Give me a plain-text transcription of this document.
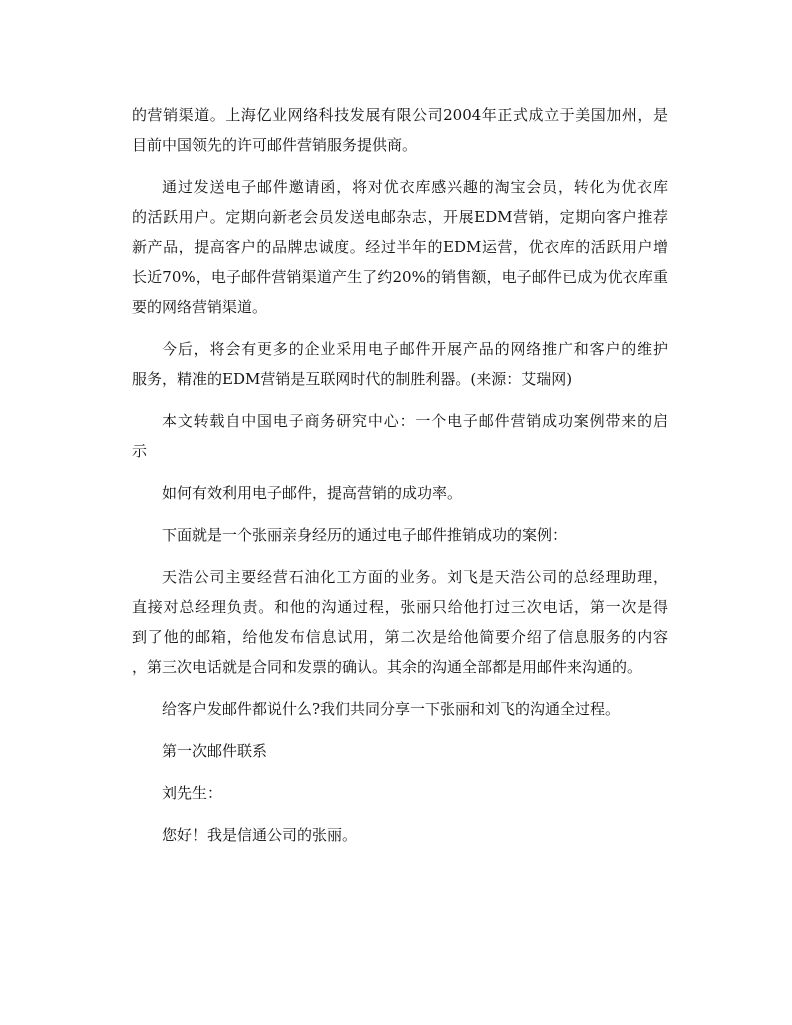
的营销渠道。上海亿业网络科技发展有限公司2004年正式成立于美国加州，是
目前中国领先的许可邮件营销服务提供商。
通过发送电子邮件邀请函，将对优衣库感兴趣的淘宝会员，转化为优衣库
的活跃用户。定期向新老会员发送电邮杂志，开展EDM营销，定期向客户推荐
新产品，提高客户的品牌忠诚度。经过半年的EDM运营，优衣库的活跃用户增
长近70%，电子邮件营销渠道产生了约20%的销售额，电子邮件已成为优衣库重
要的网络营销渠道。
今后，将会有更多的企业采用电子邮件开展产品的网络推广和客户的维护
服务，精准的EDM营销是互联网时代的制胜利器。(来源：艾瑞网)
本文转载自中国电子商务研究中心：一个电子邮件营销成功案例带来的启
示
如何有效利用电子邮件，提高营销的成功率。
下面就是一个张丽亲身经历的通过电子邮件推销成功的案例：
天浩公司主要经营石油化工方面的业务。刘飞是天浩公司的总经理助理，
直接对总经理负责。和他的沟通过程，张丽只给他打过三次电话，第一次是得
到了他的邮箱，给他发布信息试用，第二次是给他简要介绍了信息服务的内容
，第三次电话就是合同和发票的确认。其余的沟通全部都是用邮件来沟通的。
给客户发邮件都说什么?我们共同分享一下张丽和刘飞的沟通全过程。
第一次邮件联系
刘先生：
您好！我是信通公司的张丽。
